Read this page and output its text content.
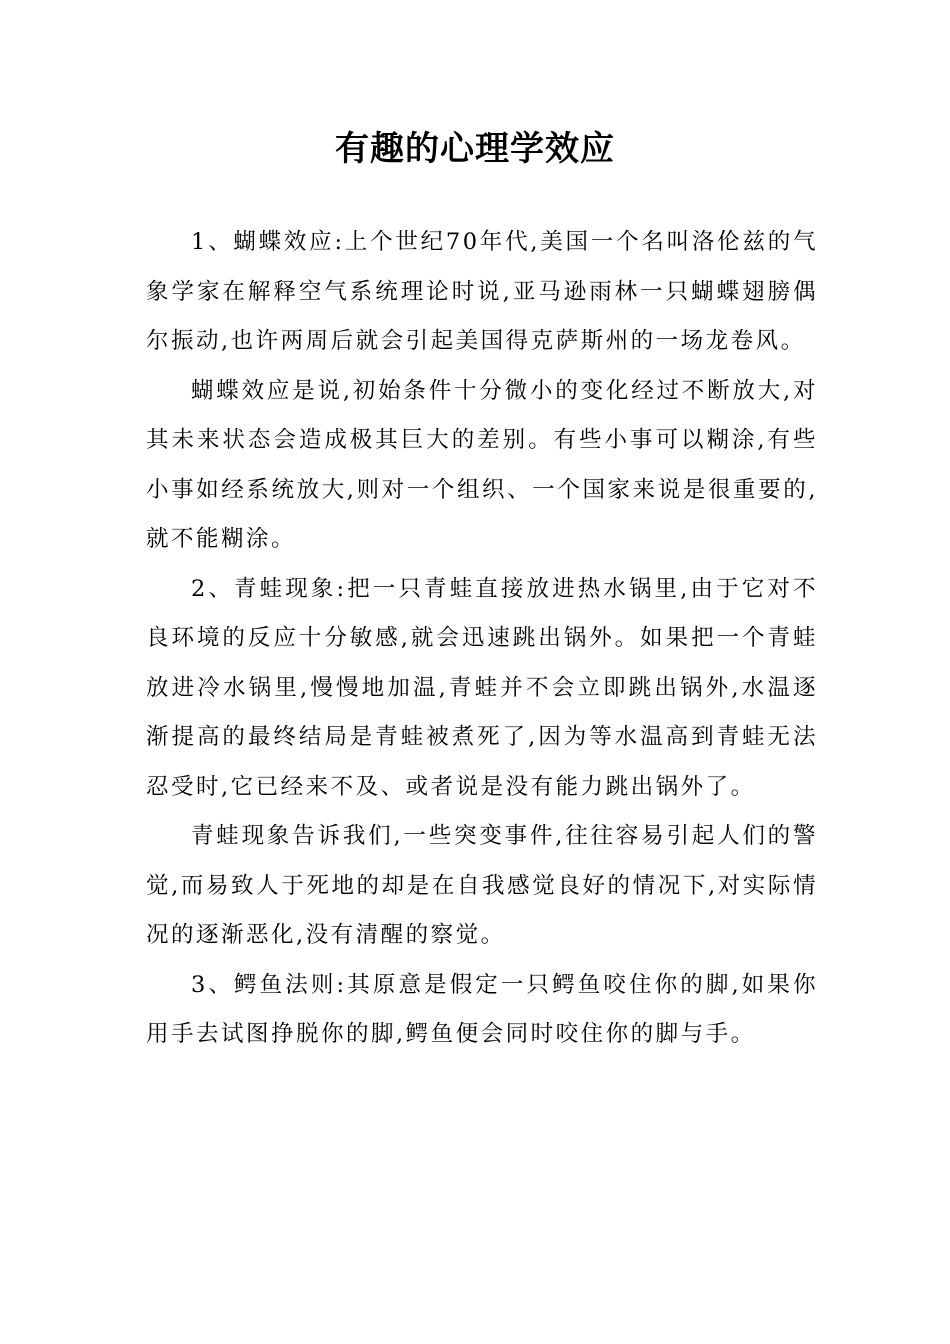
有趣的心理学效应

1、蝴蝶效应:上个世纪70年代,美国一个名叫洛伦兹的气象学家在解释空气系统理论时说,亚马逊雨林一只蝴蝶翅膀偶尔振动,也许两周后就会引起美国得克萨斯州的一场龙卷风。

蝴蝶效应是说,初始条件十分微小的变化经过不断放大,对其未来状态会造成极其巨大的差别。有些小事可以糊涂,有些小事如经系统放大,则对一个组织、一个国家来说是很重要的,就不能糊涂。

2、青蛙现象:把一只青蛙直接放进热水锅里,由于它对不良环境的反应十分敏感,就会迅速跳出锅外。如果把一个青蛙放进冷水锅里,慢慢地加温,青蛙并不会立即跳出锅外,水温逐渐提高的最终结局是青蛙被煮死了,因为等水温高到青蛙无法忍受时,它已经来不及、或者说是没有能力跳出锅外了。

青蛙现象告诉我们,一些突变事件,往往容易引起人们的警觉,而易致人于死地的却是在自我感觉良好的情况下,对实际情况的逐渐恶化,没有清醒的察觉。

3、鳄鱼法则:其原意是假定一只鳄鱼咬住你的脚,如果你用手去试图挣脱你的脚,鳄鱼便会同时咬住你的脚与手。
